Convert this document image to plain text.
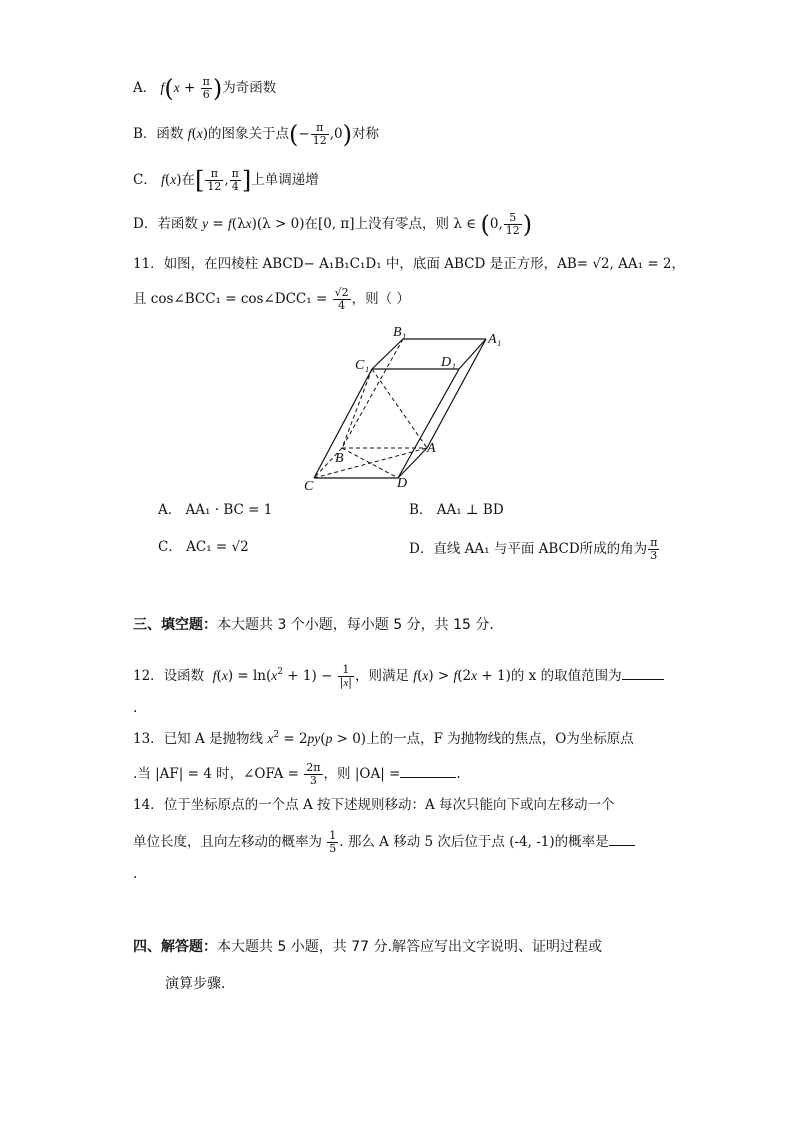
A． $f(x + \frac{\pi}{6}$ )为奇函数
B．函数 f(x)的图象关于点(− $\frac{\pi}{12} ,0$)对称
C． f(x)在[ $\frac{\pi}{12}$ , $\frac{\pi}{4}$ ]上单调递增
D．若函数 y = f(λx)(λ > 0)在[0, π]上没有零点，则 λ ∈ (0, $\frac{5}{12}$ )
11．如图，在四棱柱 ABCD− A₁B₁C₁D₁ 中，底面 ABCD 是正方形，AB= √2, AA₁ = 2，
且 cos∠BCC₁ = cos∠DCC₁ = $\frac{√2}{4}$ ，则（ ）
B₁	A₁
C₁	D₁
B
A
C	D
A． AA₁ · BC = 1	B． AA₁ ⊥ BD
C． AC₁ = √2	D．直线 AA₁ 与平面 ABCD所成的角为 $\frac{\pi}{3}$
三、填空题：本大题共 3 个小题，每小题 5 分，共 15 分.
12．设函数 $f(x) = \ln(x^2 + 1) - \frac{1}{|x|}$ ，则满足 f(x) > f(2x + 1)的 x 的取值范围为
.
13．已知 A 是抛物线 $x^2 = 2py(p > 0)$上的一点，F 为抛物线的焦点，O为坐标原点
.当 |AF| = 4 时，∠OFA = $\frac{2\pi}{3}$ ，则 |OA| =	.
14．位于坐标原点的一个点 A 按下述规则移动：A 每次只能向下或向左移动一个
单位长度，且向左移动的概率为 $\frac{1}{5}$ . 那么 A 移动 5 次后位于点 (-4, -1)的概率是
.
四、解答题：本大题共 5 小题，共 77 分.解答应写出文字说明、证明过程或
演算步骤.
